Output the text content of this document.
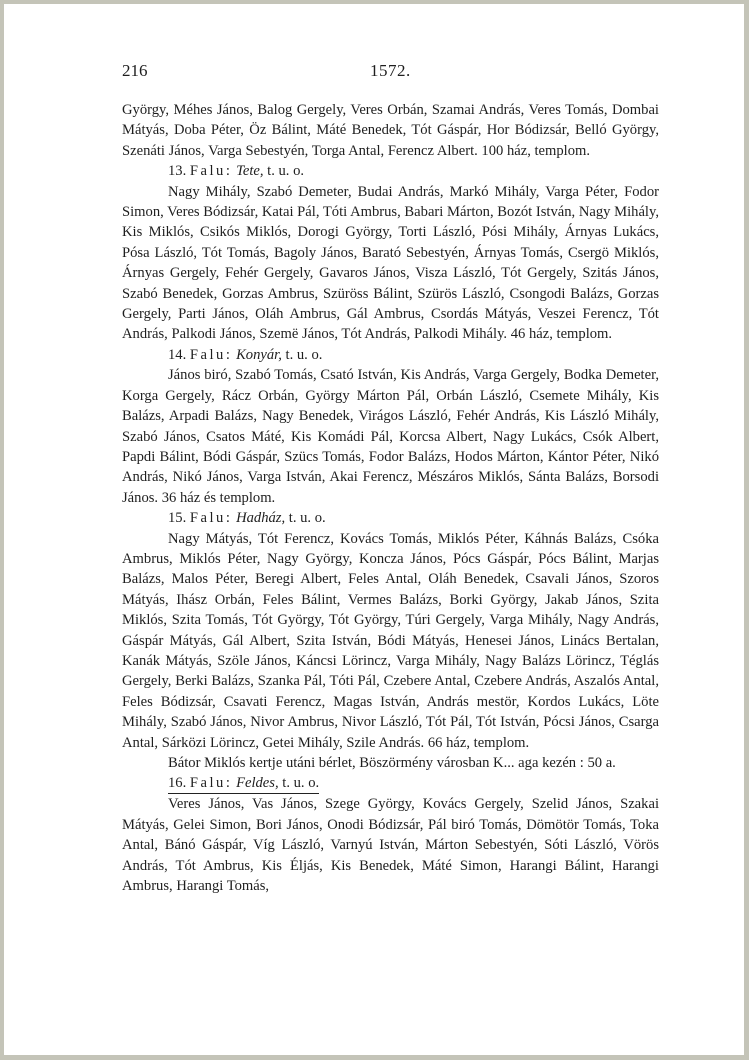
216	1572.

György, Méhes János, Balog Gergely, Veres Orbán, Szamai András, Veres Tomás, Dombai Mátyás, Doba Péter, Öz Bálint, Máté Benedek, Tót Gáspár, Hor Bódizsár, Belló György, Szenáti János, Varga Sebestyén, Torga Antal, Ferencz Albert. 100 ház, templom.

13. Falu: Tete, t. u. o.

Nagy Mihály, Szabó Demeter, Budai András, Markó Mihály, Varga Péter, Fodor Simon, Veres Bódizsár, Katai Pál, Tóti Ambrus, Babari Márton, Bozót István, Nagy Mihály, Kis Miklós, Csikós Miklós, Dorogi György, Torti László, Pósi Mihály, Árnyas Lukács, Pósa László, Tót Tomás, Bagoly János, Barató Sebestyén, Árnyas Tomás, Csergö Miklós, Árnyas Gergely, Fehér Gergely, Gavaros János, Visza László, Tót Gergely, Szitás János, Szabó Benedek, Gorzas Ambrus, Szüröss Bálint, Szürös László, Csongodi Balázs, Gorzas Gergely, Parti János, Oláh Ambrus, Gál Ambrus, Csordás Mátyás, Veszei Ferencz, Tót András, Palkodi János, Szemë János, Tót András, Palkodi Mihály. 46 ház, templom.

14. Falu: Konyár, t. u. o.

János biró, Szabó Tomás, Csató István, Kis András, Varga Gergely, Bodka Demeter, Korga Gergely, Rácz Orbán, György Márton Pál, Orbán László, Csemete Mihály, Kis Balázs, Arpadi Balázs, Nagy Benedek, Virágos László, Fehér András, Kis László Mihály, Szabó János, Csatos Máté, Kis Komádi Pál, Korcsa Albert, Nagy Lukács, Csók Albert, Papdi Bálint, Bódi Gáspár, Szücs Tomás, Fodor Balázs, Hodos Márton, Kántor Péter, Nikó András, Nikó János, Varga István, Akai Ferencz, Mészáros Miklós, Sánta Balázs, Borsodi János. 36 ház és templom.

15. Falu: Hadház, t. u. o.

Nagy Mátyás, Tót Ferencz, Kovács Tomás, Miklós Péter, Káhnás Balázs, Csóka Ambrus, Miklós Péter, Nagy György, Koncza János, Pócs Gáspár, Pócs Bálint, Marjas Balázs, Malos Péter, Beregi Albert, Feles Antal, Oláh Benedek, Csavali János, Szoros Mátyás, Ihász Orbán, Feles Bálint, Vermes Balázs, Borki György, Jakab János, Szita Miklós, Szita Tomás, Tót György, Tót György, Túri Gergely, Varga Mihály, Nagy András, Gáspár Mátyás, Gál Albert, Szita István, Bódi Mátyás, Henesei János, Linács Bertalan, Kanák Mátyás, Szöle János, Káncsi Lörincz, Varga Mihály, Nagy Balázs Lörincz, Téglás Gergely, Berki Balázs, Szanka Pál, Tóti Pál, Czebere Antal, Czebere András, Aszalós Antal, Feles Bódizsár, Csavati Ferencz, Magas István, András mestör, Kordos Lukács, Löte Mihály, Szabó János, Nivor Ambrus, Nivor László, Tót Pál, Tót István, Pócsi János, Csarga Antal, Sárközi Lörincz, Getei Mihály, Szile András. 66 ház, templom.

Bátor Miklós kertje utáni bérlet, Böszörmény városban K... aga kezén : 50 a.

16. Falu: Feldes, t. u. o.

Veres János, Vas János, Szege György, Kovács Gergely, Szelid János, Szakai Mátyás, Gelei Simon, Bori János, Onodi Bódizsár, Pál biró Tomás, Dömötör Tomás, Toka Antal, Bánó Gáspár, Víg László, Varnyú István, Márton Sebestyén, Sóti László, Vörös András, Tót Ambrus, Kis Éljás, Kis Benedek, Máté Simon, Harangi Bálint, Harangi Ambrus, Harangi Tomás,
